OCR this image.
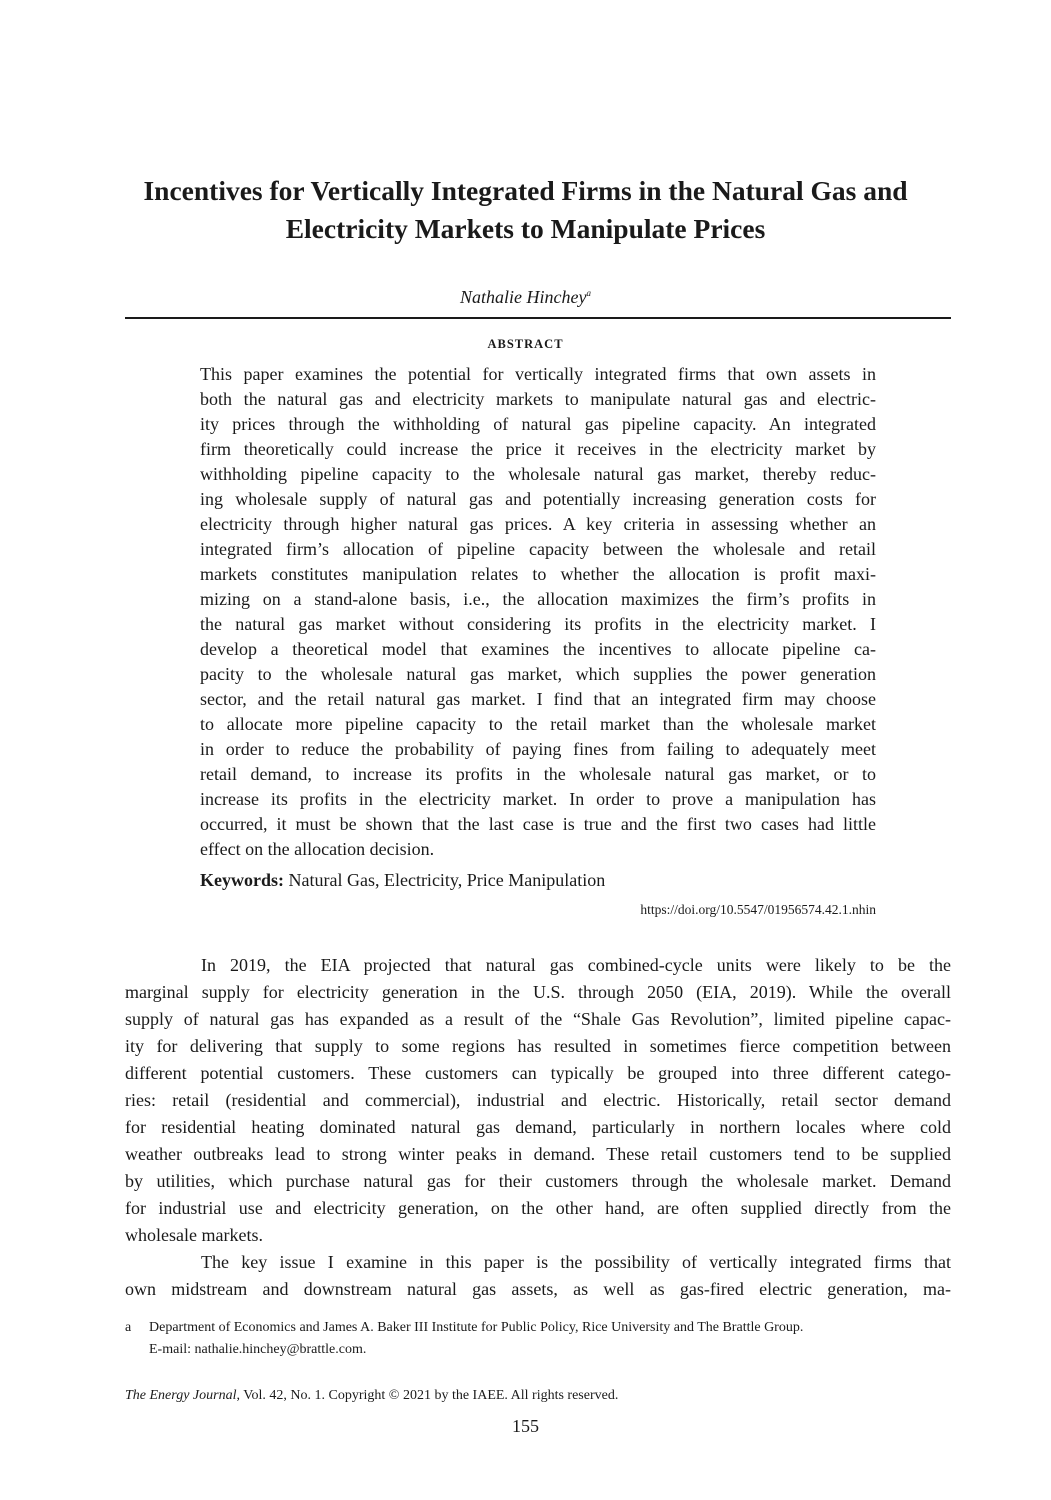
Incentives for Vertically Integrated Firms in the Natural Gas and
Electricity Markets to Manipulate Prices
Nathalie Hinchey$^a$
ABSTRACT
This paper examines the potential for vertically integrated firms that own assets in
both the natural gas and electricity markets to manipulate natural gas and electric-
ity prices through the withholding of natural gas pipeline capacity. An integrated
firm theoretically could increase the price it receives in the electricity market by
withholding pipeline capacity to the wholesale natural gas market, thereby reduc-
ing wholesale supply of natural gas and potentially increasing generation costs for
electricity through higher natural gas prices. A key criteria in assessing whether an
integrated firm’s allocation of pipeline capacity between the wholesale and retail
markets constitutes manipulation relates to whether the allocation is profit maxi-
mizing on a stand-alone basis, i.e., the allocation maximizes the firm’s profits in
the natural gas market without considering its profits in the electricity market. I
develop a theoretical model that examines the incentives to allocate pipeline ca-
pacity to the wholesale natural gas market, which supplies the power generation
sector, and the retail natural gas market. I find that an integrated firm may choose
to allocate more pipeline capacity to the retail market than the wholesale market
in order to reduce the probability of paying fines from failing to adequately meet
retail demand, to increase its profits in the wholesale natural gas market, or to
increase its profits in the electricity market. In order to prove a manipulation has
occurred, it must be shown that the last case is true and the first two cases had little
effect on the allocation decision.
Keywords: Natural Gas, Electricity, Price Manipulation
https://doi.org/10.5547/01956574.42.1.nhin
In 2019, the EIA projected that natural gas combined-cycle units were likely to be the
marginal supply for electricity generation in the U.S. through 2050 (EIA, 2019). While the overall
supply of natural gas has expanded as a result of the “Shale Gas Revolution”, limited pipeline capac-
ity for delivering that supply to some regions has resulted in sometimes fierce competition between
different potential customers. These customers can typically be grouped into three different catego-
ries: retail (residential and commercial), industrial and electric. Historically, retail sector demand
for residential heating dominated natural gas demand, particularly in northern locales where cold
weather outbreaks lead to strong winter peaks in demand. These retail customers tend to be supplied
by utilities, which purchase natural gas for their customers through the wholesale market. Demand
for industrial use and electricity generation, on the other hand, are often supplied directly from the
wholesale markets.
The key issue I examine in this paper is the possibility of vertically integrated firms that
own midstream and downstream natural gas assets, as well as gas-fired electric generation, ma-
a Department of Economics and James A. Baker III Institute for Public Policy, Rice University and The Brattle Group.
E-mail: nathalie.hinchey@brattle.com.
The Energy Journal, Vol. 42, No. 1. Copyright © 2021 by the IAEE. All rights reserved.
155
